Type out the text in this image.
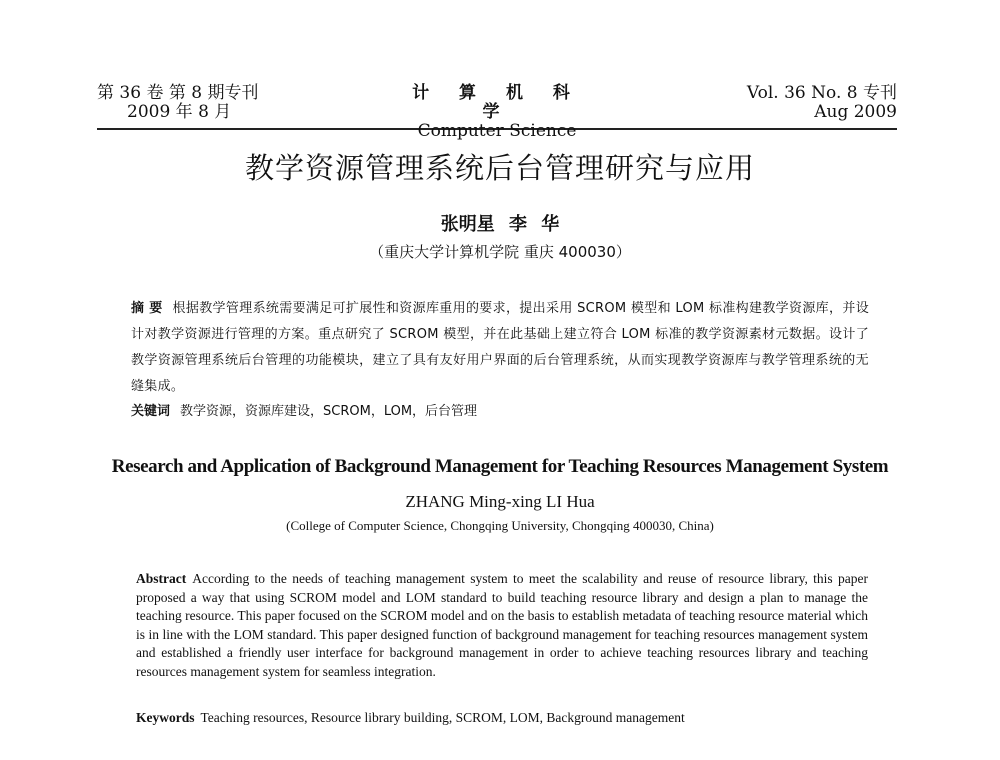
第 36 卷 第 8 期专刊
2009 年 8 月
计 算 机 科 学
Computer Science
Vol. 36 No. 8 专刊
Aug 2009
教学资源管理系统后台管理研究与应用
张明星 李 华
（重庆大学计算机学院 重庆 400030）
摘 要 根据教学管理系统需要满足可扩展性和资源库重用的要求，提出采用 SCROM 模型和 LOM 标准构建教学资源库，并设计对教学资源进行管理的方案。重点研究了 SCROM 模型，并在此基础上建立符合 LOM 标准的教学资源素材元数据。设计了教学资源管理系统后台管理的功能模块，建立了具有友好用户界面的后台管理系统，从而实现教学资源库与教学管理系统的无缝集成。
关键词 教学资源，资源库建设，SCROM，LOM，后台管理
Research and Application of Background Management for Teaching Resources Management System
ZHANG Ming-xing LI Hua
(College of Computer Science, Chongqing University, Chongqing 400030, China)
Abstract According to the needs of teaching management system to meet the scalability and reuse of resource library, this paper proposed a way that using SCROM model and LOM standard to build teaching resource library and design a plan to manage the teaching resource. This paper focused on the SCROM model and on the basis to establish metadata of teaching resource material which is in line with the LOM standard. This paper designed function of background management for teaching resources management system and established a friendly user interface for background management in order to achieve teaching resources library and teaching resources management system for seamless integration.
Keywords Teaching resources, Resource library building, SCROM, LOM, Background management
